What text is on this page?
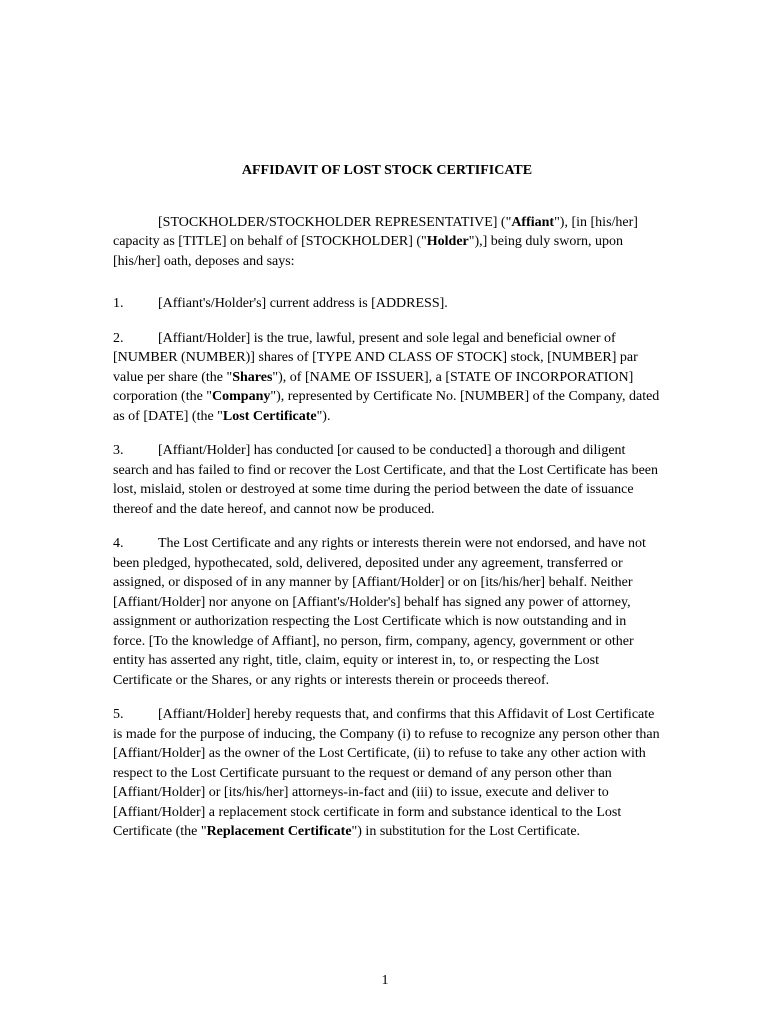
AFFIDAVIT OF LOST STOCK CERTIFICATE

[STOCKHOLDER/STOCKHOLDER REPRESENTATIVE] ("Affiant"), [in [his/her] capacity as [TITLE] on behalf of [STOCKHOLDER] ("Holder"),] being duly sworn, upon [his/her] oath, deposes and says:

1. [Affiant's/Holder's] current address is [ADDRESS].

2. [Affiant/Holder] is the true, lawful, present and sole legal and beneficial owner of [NUMBER (NUMBER)] shares of [TYPE AND CLASS OF STOCK] stock, [NUMBER] par value per share (the "Shares"), of [NAME OF ISSUER], a [STATE OF INCORPORATION] corporation (the "Company"), represented by Certificate No. [NUMBER] of the Company, dated as of [DATE] (the "Lost Certificate").

3. [Affiant/Holder] has conducted [or caused to be conducted] a thorough and diligent search and has failed to find or recover the Lost Certificate, and that the Lost Certificate has been lost, mislaid, stolen or destroyed at some time during the period between the date of issuance thereof and the date hereof, and cannot now be produced.

4. The Lost Certificate and any rights or interests therein were not endorsed, and have not been pledged, hypothecated, sold, delivered, deposited under any agreement, transferred or assigned, or disposed of in any manner by [Affiant/Holder] or on [its/his/her] behalf. Neither [Affiant/Holder] nor anyone on [Affiant's/Holder's] behalf has signed any power of attorney, assignment or authorization respecting the Lost Certificate which is now outstanding and in force. [To the knowledge of Affiant], no person, firm, company, agency, government or other entity has asserted any right, title, claim, equity or interest in, to, or respecting the Lost Certificate or the Shares, or any rights or interests therein or proceeds thereof.

5. [Affiant/Holder] hereby requests that, and confirms that this Affidavit of Lost Certificate is made for the purpose of inducing, the Company (i) to refuse to recognize any person other than [Affiant/Holder] as the owner of the Lost Certificate, (ii) to refuse to take any other action with respect to the Lost Certificate pursuant to the request or demand of any person other than [Affiant/Holder] or [its/his/her] attorneys-in-fact and (iii) to issue, execute and deliver to [Affiant/Holder] a replacement stock certificate in form and substance identical to the Lost Certificate (the "Replacement Certificate") in substitution for the Lost Certificate.

1
